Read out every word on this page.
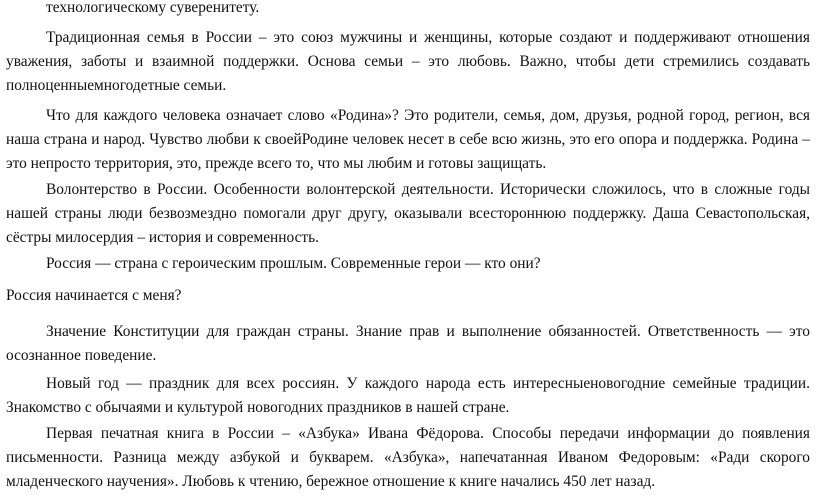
технологическому суверенитету.

Традиционная семья в России – это союз мужчины и женщины, которые создают и поддерживают отношения уважения, заботы и взаимной поддержки. Основа семьи – это любовь. Важно, чтобы дети стремились создавать полноценныемногодетные семьи.

Что для каждого человека означает слово «Родина»? Это родители, семья, дом, друзья, родной город, регион, вся наша страна и народ. Чувство любви к своейРодине человек несет в себе всю жизнь, это его опора и поддержка. Родина – это непросто территория, это, прежде всего то, что мы любим и готовы защищать.

Волонтерство в России. Особенности волонтерской деятельности. Исторически сложилось, что в сложные годы нашей страны люди безвозмездно помогали друг другу, оказывали всестороннюю поддержку. Даша Севастопольская, сёстры милосердия – история и современность.

Россия — страна с героическим прошлым. Современные герои — кто они?

Россия начинается с меня?

Значение Конституции для граждан страны. Знание прав и выполнение обязанностей. Ответственность — это осознанное поведение.

Новый год — праздник для всех россиян. У каждого народа есть интересныеновогодние семейные традиции. Знакомство с обычаями и культурой новогодних праздников в нашей стране.

Первая печатная книга в России – «Азбука» Ивана Фёдорова. Способы передачи информации до появления письменности. Разница между азбукой и букварем. «Азбука», напечатанная Иваном Федоровым: «Ради скорого младенческого научения». Любовь к чтению, бережное отношение к книге начались 450 лет назад.
